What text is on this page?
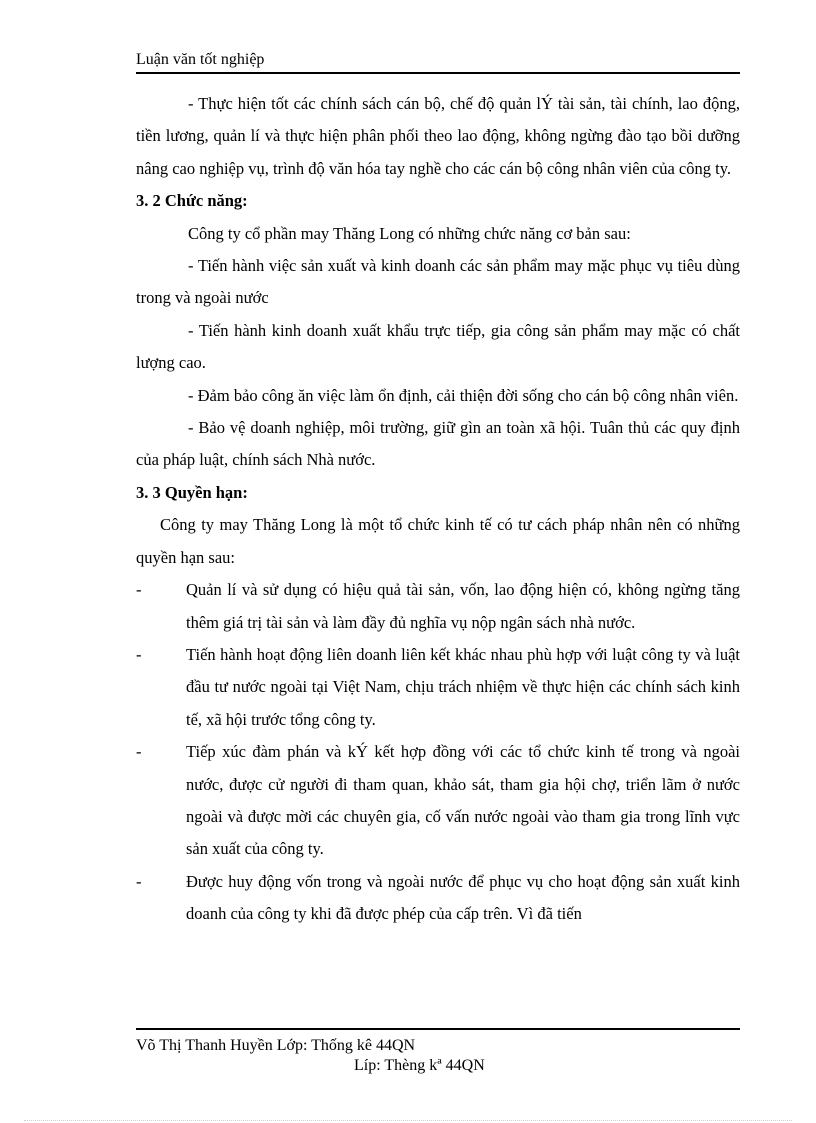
Luận văn tốt nghiệp

- Thực hiện tốt các chính sách cán bộ, chế độ quản lÝ tài sản, tài chính, lao động, tiền lương, quản lí và thực hiện phân phối theo lao động, không ngừng đào tạo bồi dưỡng nâng cao nghiệp vụ, trình độ văn hóa tay nghề cho các cán bộ công nhân viên của công ty.

3. 2 Chức năng:

Công ty cổ phần may Thăng Long có những chức năng cơ bản sau:

- Tiến hành việc sản xuất và kinh doanh các sản phẩm may mặc phục vụ tiêu dùng trong và ngoài nước

- Tiến hành kinh doanh xuất khẩu trực tiếp, gia công sản phẩm may mặc có chất lượng cao.

- Đảm bảo công ăn việc làm ổn định, cải thiện đời sống cho cán bộ công nhân viên.

- Bảo vệ doanh nghiệp, môi trường, giữ gìn an toàn xã hội. Tuân thủ các quy định của pháp luật, chính sách Nhà nước.

3. 3 Quyền hạn:

Công ty may Thăng Long là một tổ chức kinh tế có tư cách pháp nhân nên có những quyền hạn sau:

-	Quản lí và sử dụng có hiệu quả tài sản, vốn, lao động hiện có, không ngừng tăng thêm giá trị tài sản và làm đầy đủ nghĩa vụ nộp ngân sách nhà nước.
-	Tiến hành hoạt động liên doanh liên kết khác nhau phù hợp với luật công ty và luật đầu tư nước ngoài tại Việt Nam, chịu trách nhiệm về thực hiện các chính sách kinh tế, xã hội trước tổng công ty.
-	Tiếp xúc đàm phán và kÝ kết hợp đồng với các tổ chức kinh tế trong và ngoài nước, được cử người đi tham quan, khảo sát, tham gia hội chợ, triển lãm ở nước ngoài và được mời các chuyên gia, cố vấn nước ngoài vào tham gia trong lĩnh vực sản xuất của công ty.
-	Được huy động vốn trong và ngoài nước để phục vụ cho hoạt động sản xuất kinh doanh của công ty khi đã được phép của cấp trên. Vì đã tiến
Võ Thị Thanh Huyền Lớp: Thống kê 44QN
Líp: Thèng kª 44QN
